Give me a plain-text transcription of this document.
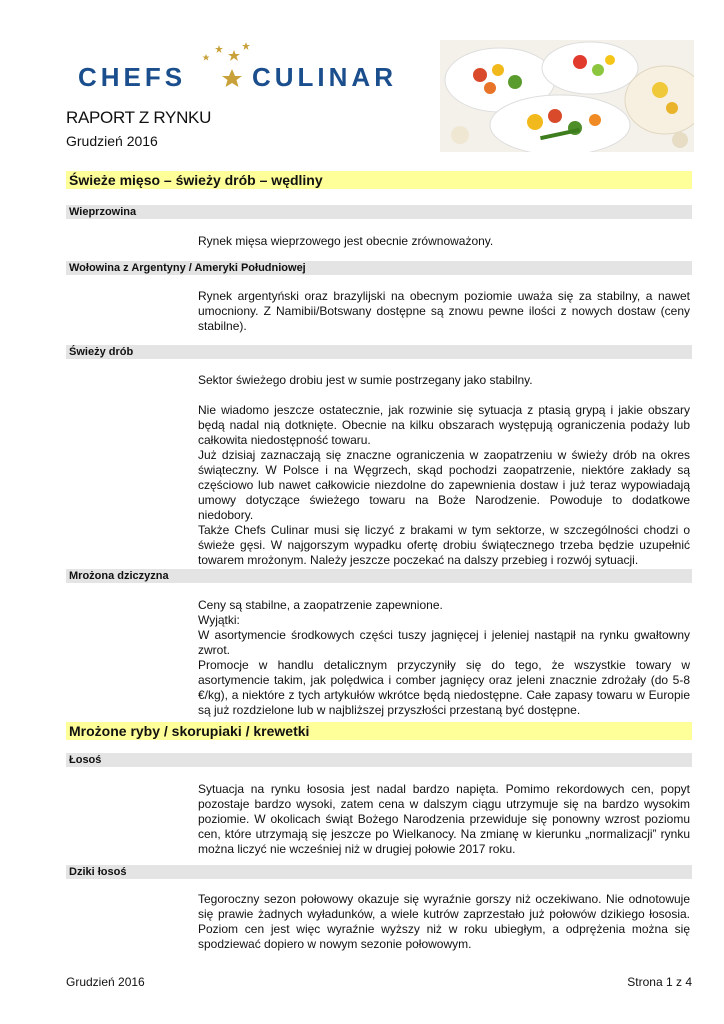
CHEFS	CULINAR
RAPORT Z RYNKU
Grudzień 2016
Świeże mięso – świeży drób – wędliny
Wieprzowina

Rynek mięsa wieprzowego jest obecnie zrównoważony.

Wołowina z Argentyny / Ameryki Południowej

Rynek argentyński oraz brazylijski na obecnym poziomie uważa się za stabilny, a nawet umocniony. Z Namibii/Botswany dostępne są znowu pewne ilości z nowych dostaw (ceny stabilne).

Świeży drób

Sektor świeżego drobiu jest w sumie postrzegany jako stabilny.

Nie wiadomo jeszcze ostatecznie, jak rozwinie się sytuacja z ptasią grypą i jakie obszary będą nadal nią dotknięte. Obecnie na kilku obszarach występują ograniczenia podaży lub całkowita niedostępność towaru.

Już dzisiaj zaznaczają się znaczne ograniczenia w zaopatrzeniu w świeży drób na okres świąteczny. W Polsce i na Węgrzech, skąd pochodzi zaopatrzenie, niektóre zakłady są częściowo lub nawet całkowicie niezdolne do zapewnienia dostaw i już teraz wypowiadają umowy dotyczące świeżego towaru na Boże Narodzenie. Powoduje to dodatkowe niedobory.

Także Chefs Culinar musi się liczyć z brakami w tym sektorze, w szczególności chodzi o świeże gęsi. W najgorszym wypadku ofertę drobiu świątecznego trzeba będzie uzupełnić towarem mrożonym. Należy jeszcze poczekać na dalszy przebieg i rozwój sytuacji.

Mrożona dziczyzna

Ceny są stabilne, a zaopatrzenie zapewnione.

Wyjątki:

W asortymencie środkowych części tuszy jagnięcej i jeleniej nastąpił na rynku gwałtowny zwrot.

Promocje w handlu detalicznym przyczyniły się do tego, że wszystkie towary w asortymencie takim, jak polędwica i comber jagnięcy oraz jeleni znacznie zdrożały (do 5-8 €/kg), a niektóre z tych artykułów wkrótce będą niedostępne. Całe zapasy towaru w Europie są już rozdzielone lub w najbliższej przyszłości przestaną być dostępne.

Mrożone ryby / skorupiaki / krewetki
Łosoś

Sytuacja na rynku łososia jest nadal bardzo napięta. Pomimo rekordowych cen, popyt pozostaje bardzo wysoki, zatem cena w dalszym ciągu utrzymuje się na bardzo wysokim poziomie. W okolicach świąt Bożego Narodzenia przewiduje się ponowny wzrost poziomu cen, które utrzymają się jeszcze po Wielkanocy. Na zmianę w kierunku „normalizacji” rynku można liczyć nie wcześniej niż w drugiej połowie 2017 roku.

Dziki łosoś

Tegoroczny sezon połowowy okazuje się wyraźnie gorszy niż oczekiwano. Nie odnotowuje się prawie żadnych wyładunków, a wiele kutrów zaprzestało już połowów dzikiego łososia. Poziom cen jest więc wyraźnie wyższy niż w roku ubiegłym, a odprężenia można się spodziewać dopiero w nowym sezonie połowowym.

Grudzień 2016	Strona 1 z 4
